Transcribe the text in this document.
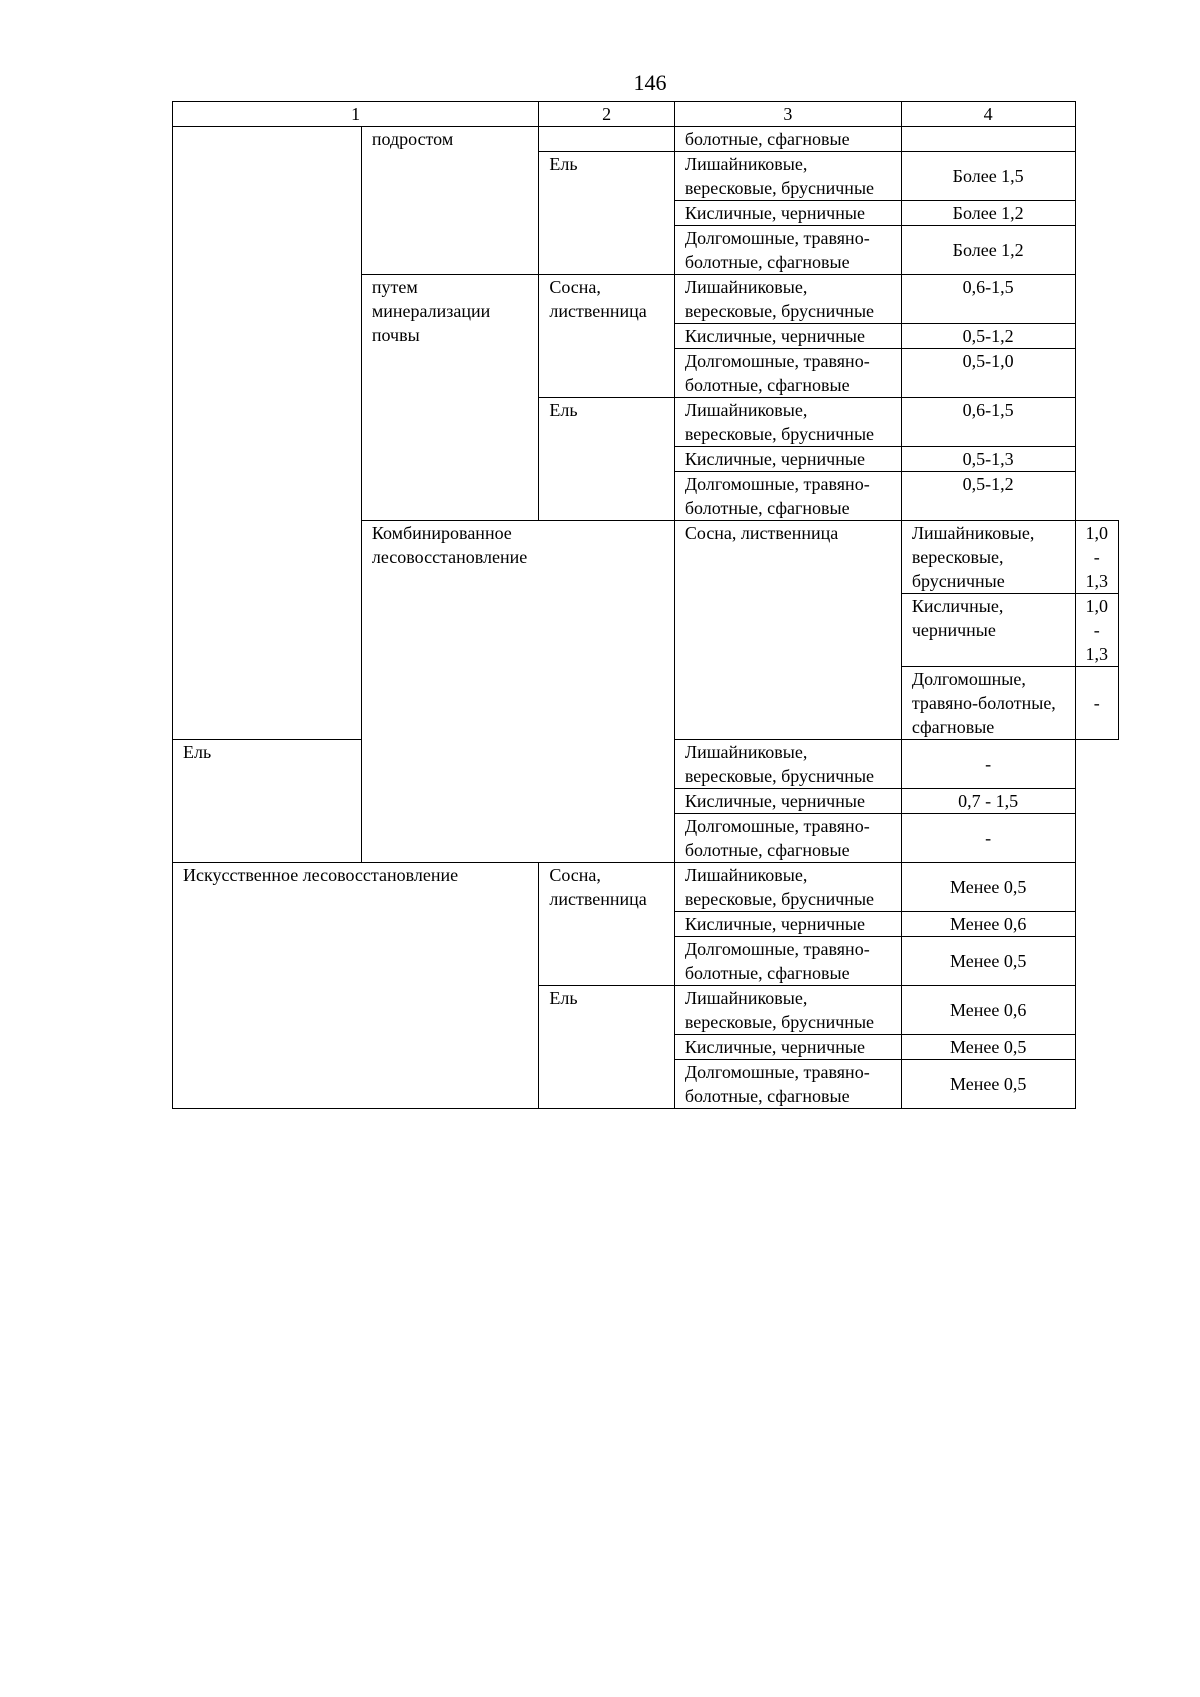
146
1		2	3	4	
	подростом		болотные, сфагновые		
		Ель	Лишайниковые, вересковые, брусничные	Более 1,5	
			Кисличные, черничные	Более 1,2	
			Долгомошные, травяно-болотные, сфагновые	Более 1,2	
	путем минерализации почвы	Сосна, лиственница	Лишайниковые, вересковые, брусничные	0,6-1,5	
			Кисличные, черничные	0,5-1,2	
			Долгомошные, травяно-болотные, сфагновые	0,5-1,0	
		Ель	Лишайниковые, вересковые, брусничные	0,6-1,5	
			Кисличные, черничные	0,5-1,3	
			Долгомошные, травяно-болотные, сфагновые	0,5-1,2	
	Комбинированное лесовосстановление		Сосна, лиственница	Лишайниковые, вересковые, брусничные	1,0 - 1,3
				Кисличные, черничные	1,0 - 1,3
				Долгомошные, травяно-болотные, сфагновые	-
Ель			Лишайниковые, вересковые, брусничные	-	
			Кисличные, черничные	0,7 - 1,5	
			Долгомошные, травяно-болотные, сфагновые	-	
Искусственное лесовосстановление		Сосна, лиственница	Лишайниковые, вересковые, брусничные	Менее 0,5	
			Кисличные, черничные	Менее 0,6	
			Долгомошные, травяно-болотные, сфагновые	Менее 0,5	
		Ель	Лишайниковые, вересковые, брусничные	Менее 0,6	
			Кисличные, черничные	Менее 0,5	
			Долгомошные, травяно-болотные, сфагновые	Менее 0,5	
